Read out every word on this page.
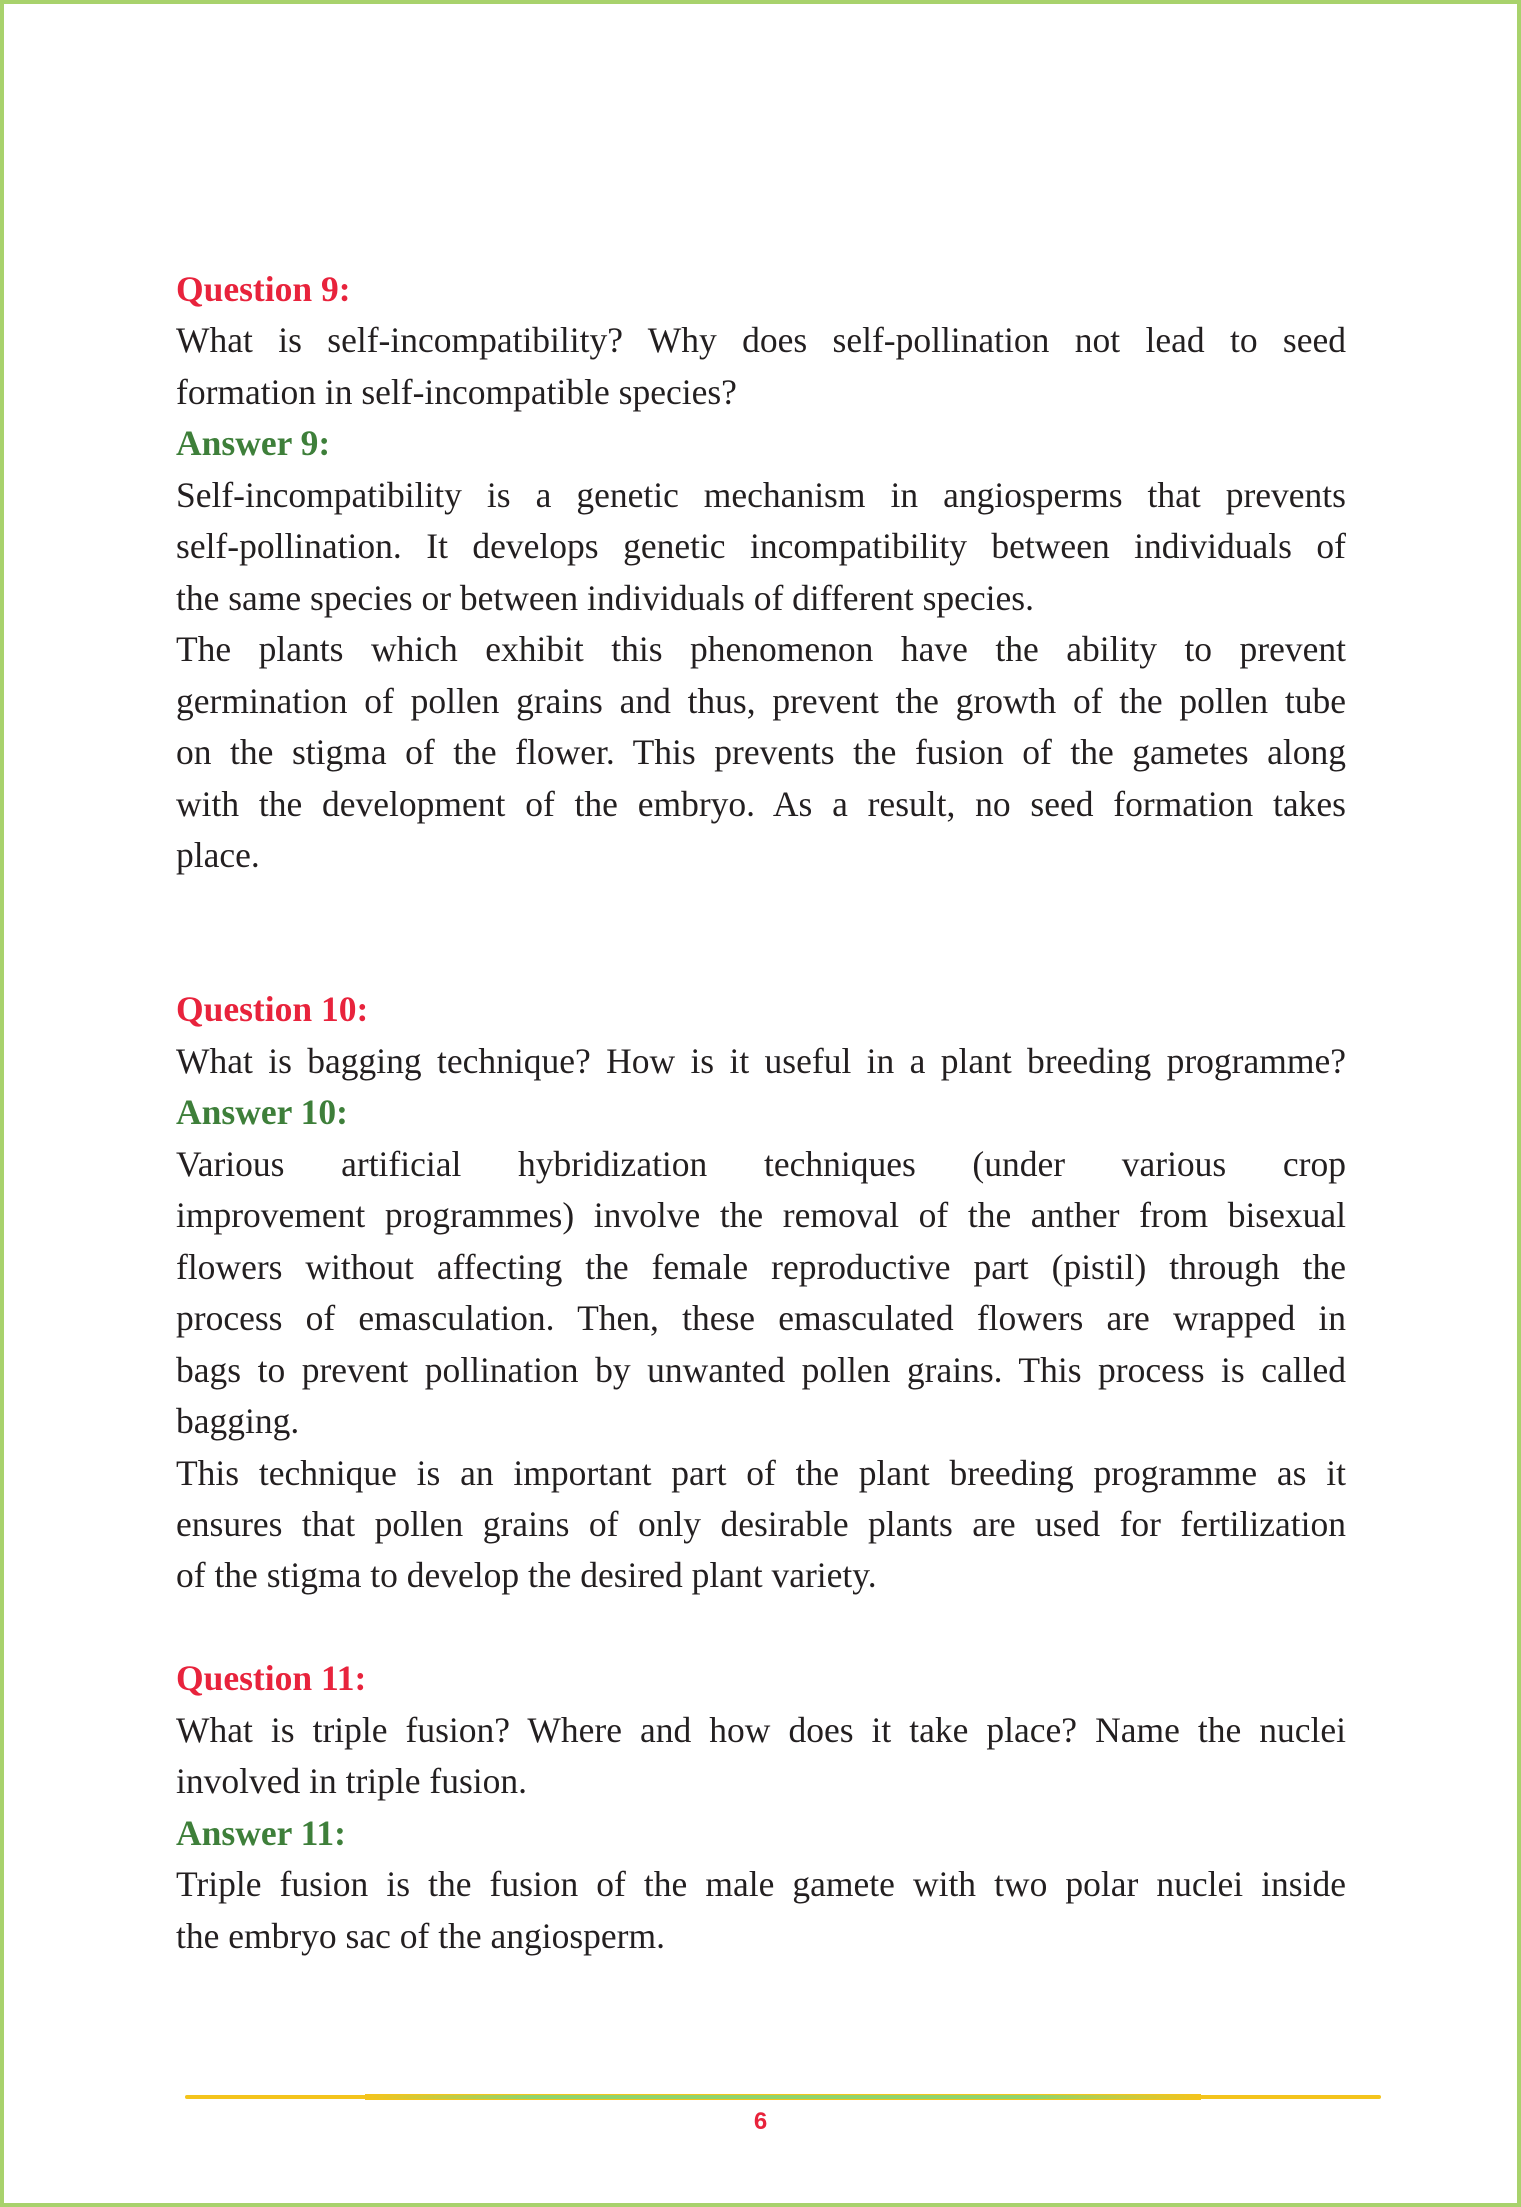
Question 9:

What is self-incompatibility? Why does self-pollination not lead to seed

formation in self-incompatible species?

Answer 9:

Self-incompatibility is a genetic mechanism in angiosperms that prevents

self-pollination. It develops genetic incompatibility between individuals of

the same species or between individuals of different species.

The plants which exhibit this phenomenon have the ability to prevent

germination of pollen grains and thus, prevent the growth of the pollen tube

on the stigma of the flower. This prevents the fusion of the gametes along

with the development of the embryo. As a result, no seed formation takes

place.

Question 10:

What is bagging technique? How is it useful in a plant breeding programme?

Answer 10:

Various artificial hybridization techniques (under various crop

improvement programmes) involve the removal of the anther from bisexual

flowers without affecting the female reproductive part (pistil) through the

process of emasculation. Then, these emasculated flowers are wrapped in

bags to prevent pollination by unwanted pollen grains. This process is called

bagging.

This technique is an important part of the plant breeding programme as it

ensures that pollen grains of only desirable plants are used for fertilization

of the stigma to develop the desired plant variety.

Question 11:

What is triple fusion? Where and how does it take place? Name the nuclei

involved in triple fusion.

Answer 11:

Triple fusion is the fusion of the male gamete with two polar nuclei inside

the embryo sac of the angiosperm.

6
